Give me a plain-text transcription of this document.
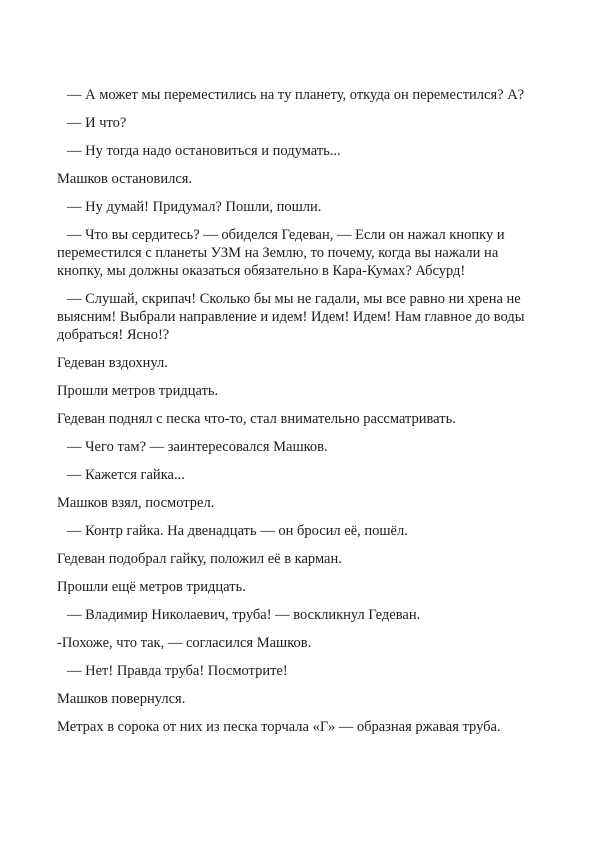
— А может мы переместились на ту планету, откуда он переместился? А?

— И что?

— Ну тогда надо остановиться и подумать...

Машков остановился.

— Ну думай! Придумал? Пошли, пошли.

— Что вы сердитесь? — обиделся Гедеван, — Если он нажал кнопку и переместился с планеты УЗМ на Землю, то почему, когда вы нажали на кнопку, мы должны оказаться обязательно в Кара-Кумах? Абсурд!

— Слушай, скрипач! Сколько бы мы не гадали, мы все равно ни хрена не выясним! Выбрали направление и идем! Идем! Идем! Нам главное до воды добраться! Ясно!?

Гедеван вздохнул.

Прошли метров тридцать.

Гедеван поднял с песка что-то, стал внимательно рассматривать.

— Чего там? — заинтересовался Машков.

— Кажется гайка...

Машков взял, посмотрел.

— Контр гайка. На двенадцать — он бросил её, пошёл.

Гедеван подобрал гайку, положил её в карман.

Прошли ещё метров тридцать.

— Владимир Николаевич, труба! — воскликнул Гедеван.

-Похоже, что так, — согласился Машков.

— Нет! Правда труба! Посмотрите!

Машков повернулся.

Метрах в сорока от них из песка торчала «Г» — образная ржавая труба.
